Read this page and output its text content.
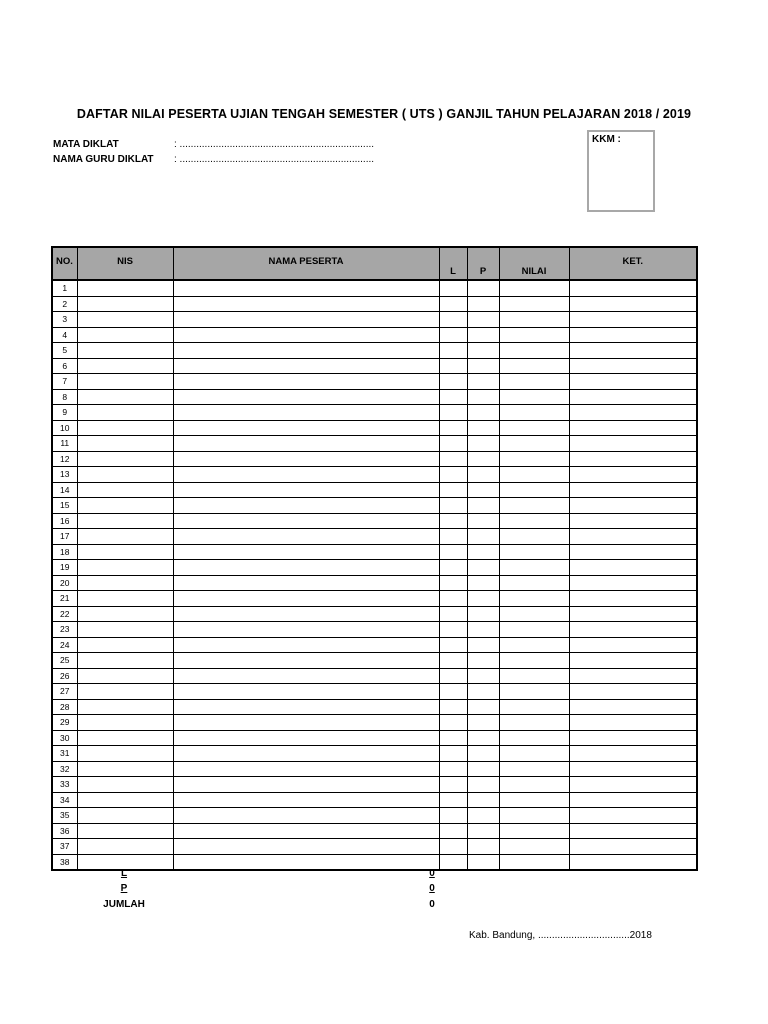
DAFTAR NILAI PESERTA UJIAN TENGAH SEMESTER ( UTS ) GANJIL TAHUN PELAJARAN 2018 / 2019
MATA DIKLAT	: ......................................................................
NAMA GURU DIKLAT : ......................................................................
KKM :
NO.	NIS	NAMA PESERTA	L	P	NILAI	KET.

1						
2						
3						
4						
5						
6						
7						
8						
9						
10						
11						
12						
13						
14						
15						
16						
17						
18						
19						
20						
21						
22						
23						
24						
25						
26						
27						
28						
29						
30						
31						
32						
33						
34						
35						
36						
37						
38						
L	0
P	0
JUMLAH	0
Kab. Bandung, .................................2018
